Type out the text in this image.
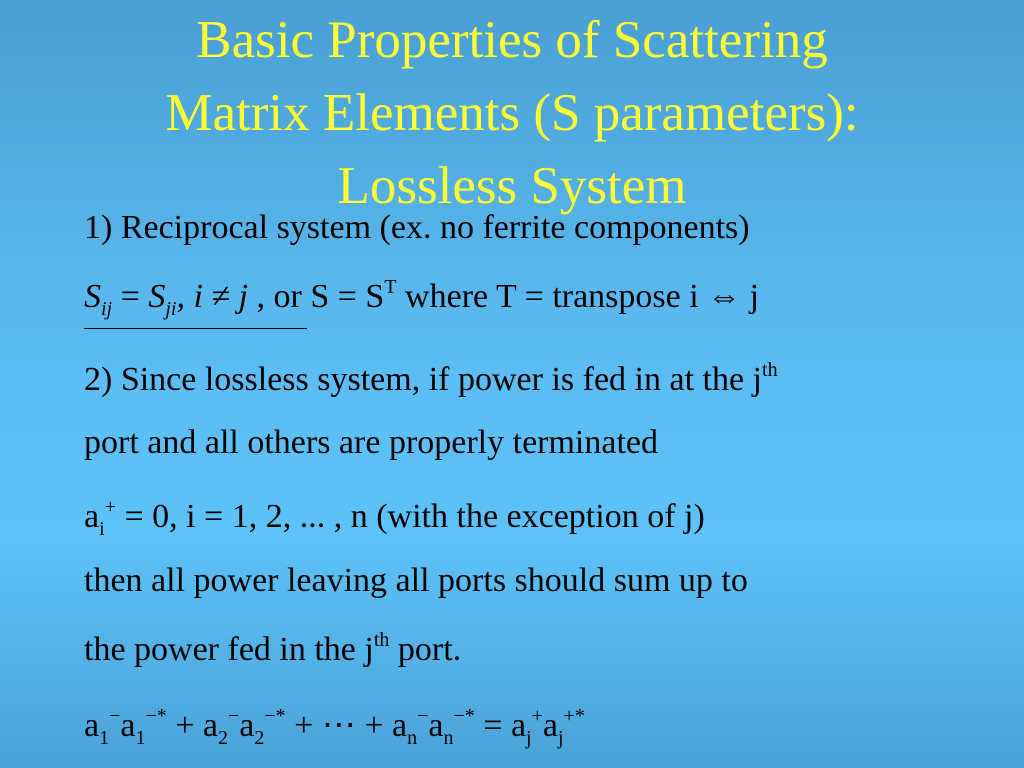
Basic Properties of Scattering
Matrix Elements (S parameters):
Lossless System
1) Reciprocal system (ex. no ferrite components)
$S_{ij} = S_{ji}$, i ≠ j , or $S = S^T$ where T = transpose i ⇔ j
2) Since lossless system, if power is fed in at the $j^{th}$
port and all others are properly terminated
$a_i^+ = 0$, i = 1, 2, ... , n (with the exception of j)
then all power leaving all ports should sum up to
the power fed in the $j^{th}$ port.
$a_1^-a_1^{-*} + a_2^-a_2^{-*}$ + ⋯ + $a_n^-a_n^{-*} = a_j^+a_j^{+*}$
